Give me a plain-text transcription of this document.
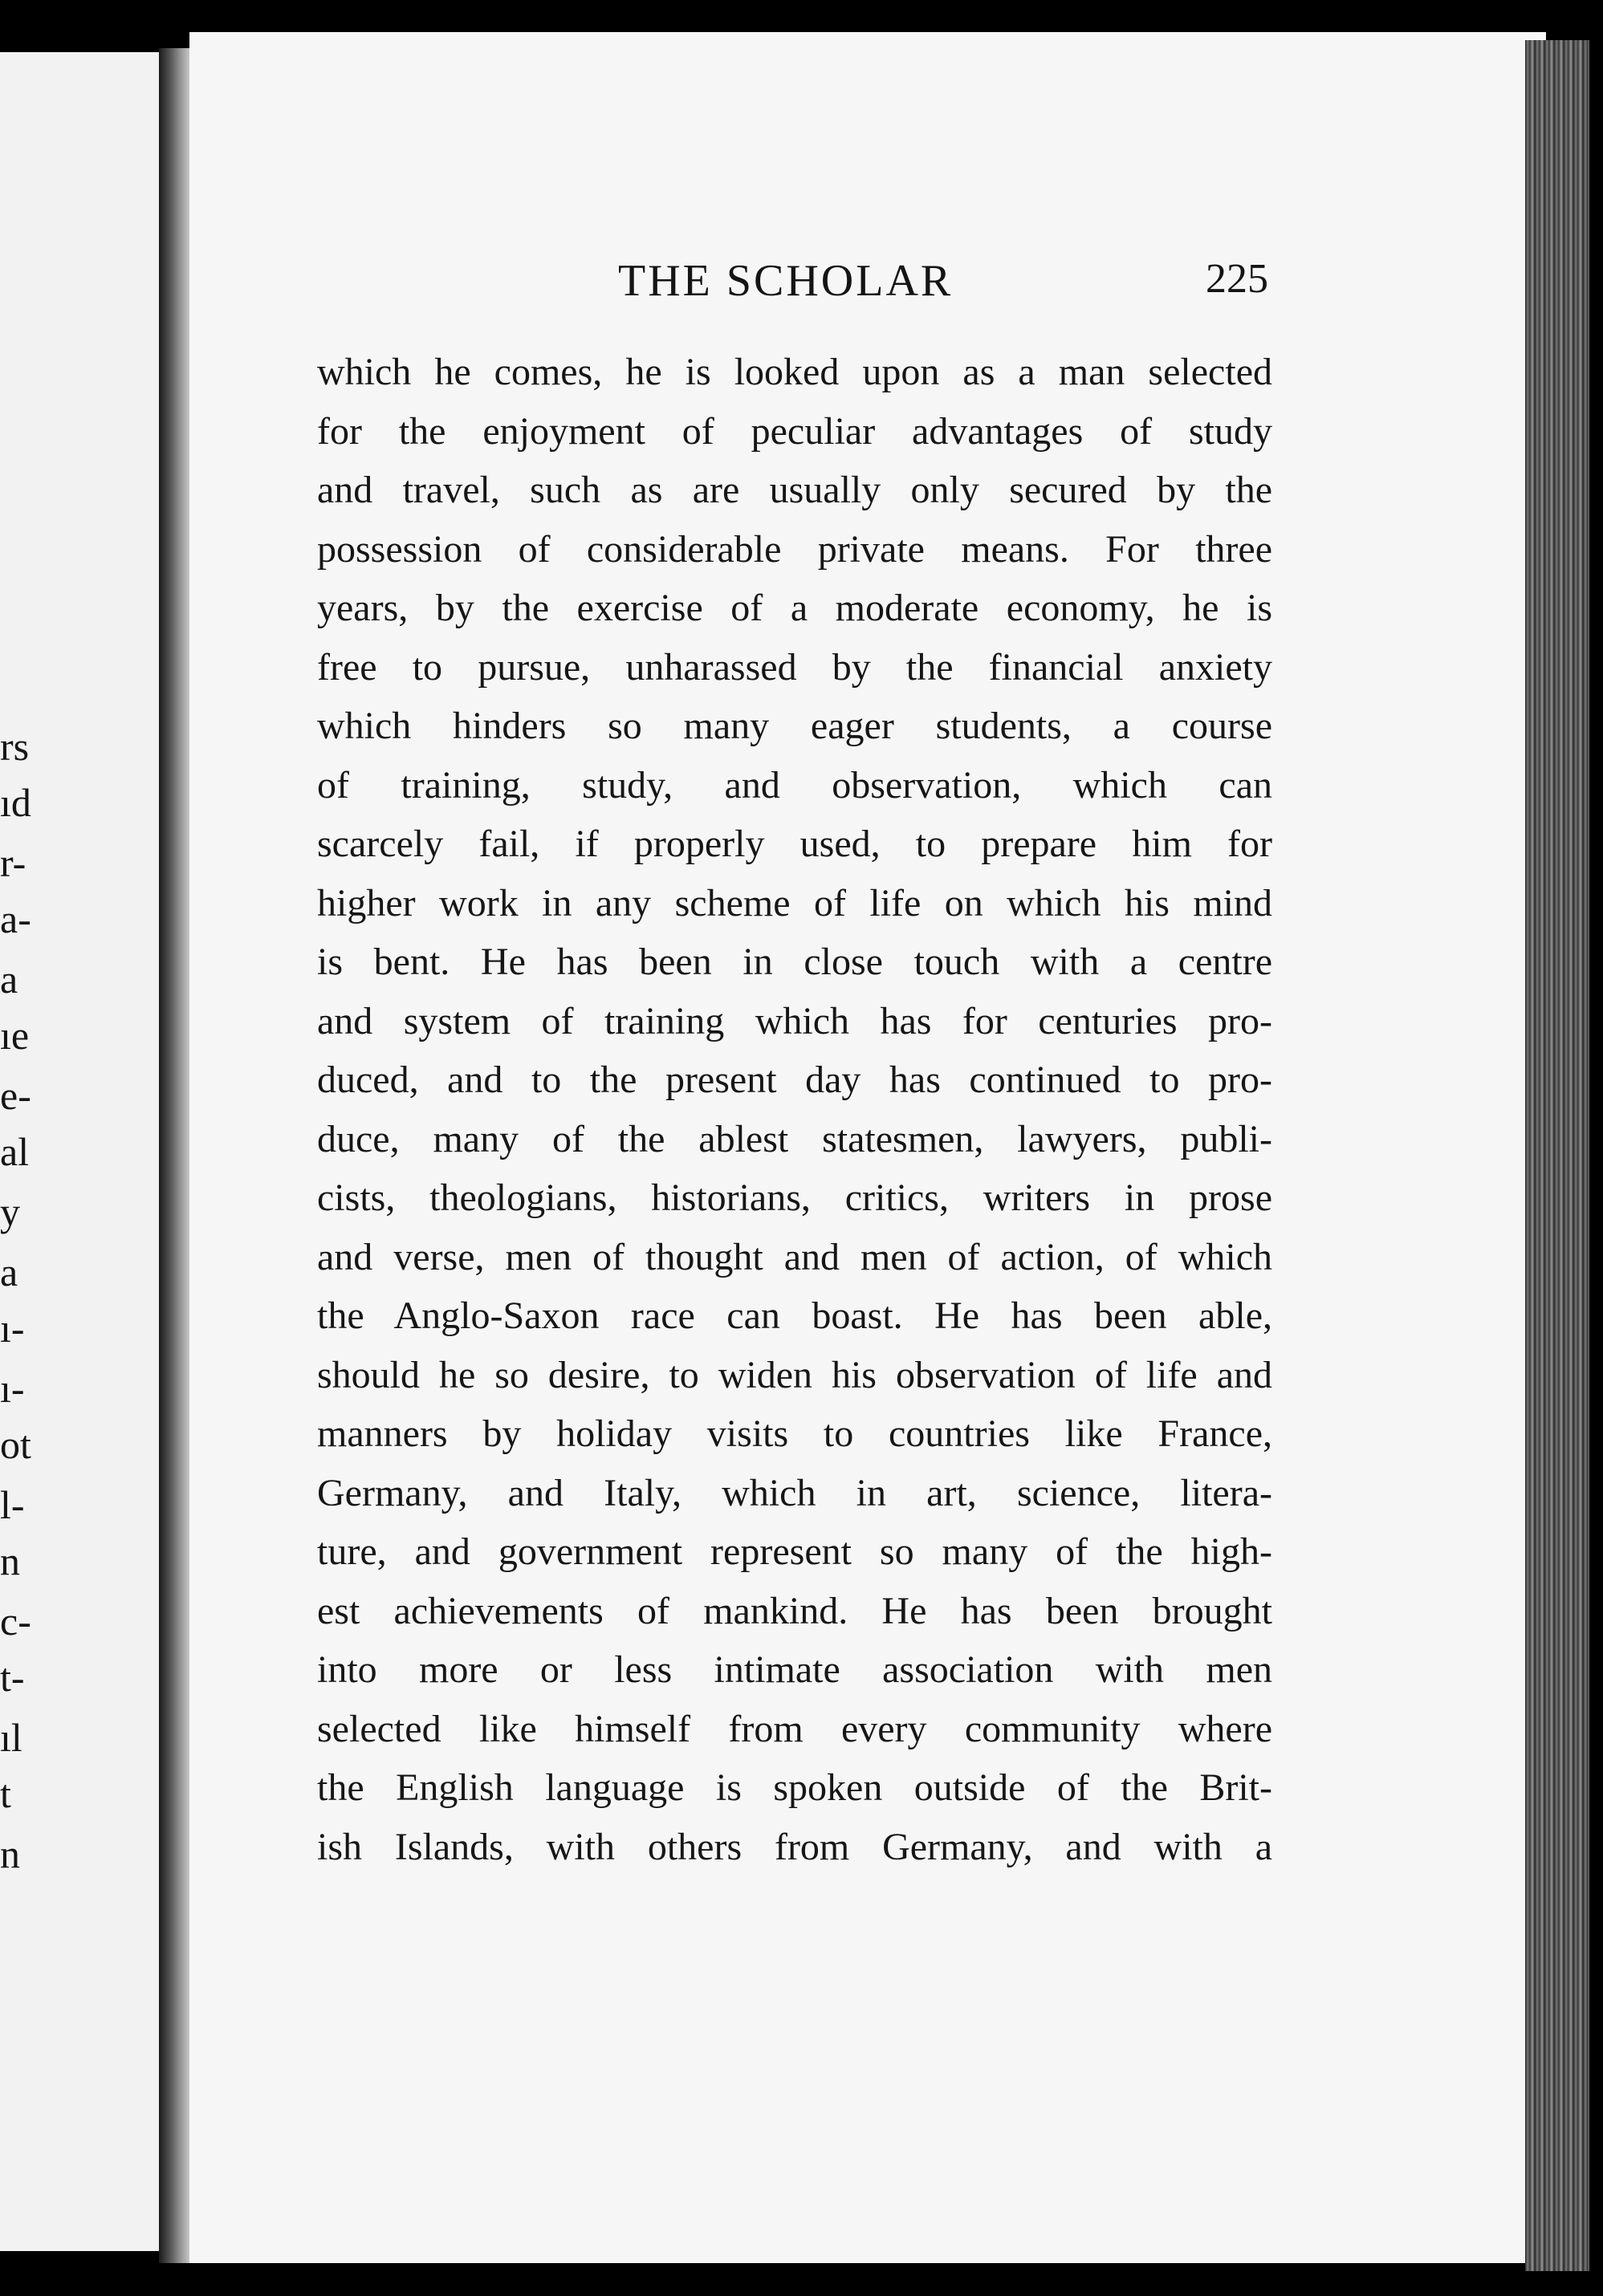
rs
ıd
r-
a-
a
ıe
e-
al
y
a
ı-
ı-
ot
l-
n
c-
t-
ıl
t
n
THE SCHOLAR	225
which he comes, he is looked upon as a man selected
for the enjoyment of peculiar advantages of study
and travel, such as are usually only secured by the
possession of considerable private means. For three
years, by the exercise of a moderate economy, he is
free to pursue, unharassed by the financial anxiety
which hinders so many eager students, a course
of training, study, and observation, which can
scarcely fail, if properly used, to prepare him for
higher work in any scheme of life on which his mind
is bent. He has been in close touch with a centre
and system of training which has for centuries pro-
duced, and to the present day has continued to pro-
duce, many of the ablest statesmen, lawyers, publi-
cists, theologians, historians, critics, writers in prose
and verse, men of thought and men of action, of which
the Anglo-Saxon race can boast. He has been able,
should he so desire, to widen his observation of life and
manners by holiday visits to countries like France,
Germany, and Italy, which in art, science, litera-
ture, and government represent so many of the high-
est achievements of mankind. He has been brought
into more or less intimate association with men
selected like himself from every community where
the English language is spoken outside of the Brit-
ish Islands, with others from Germany, and with a
